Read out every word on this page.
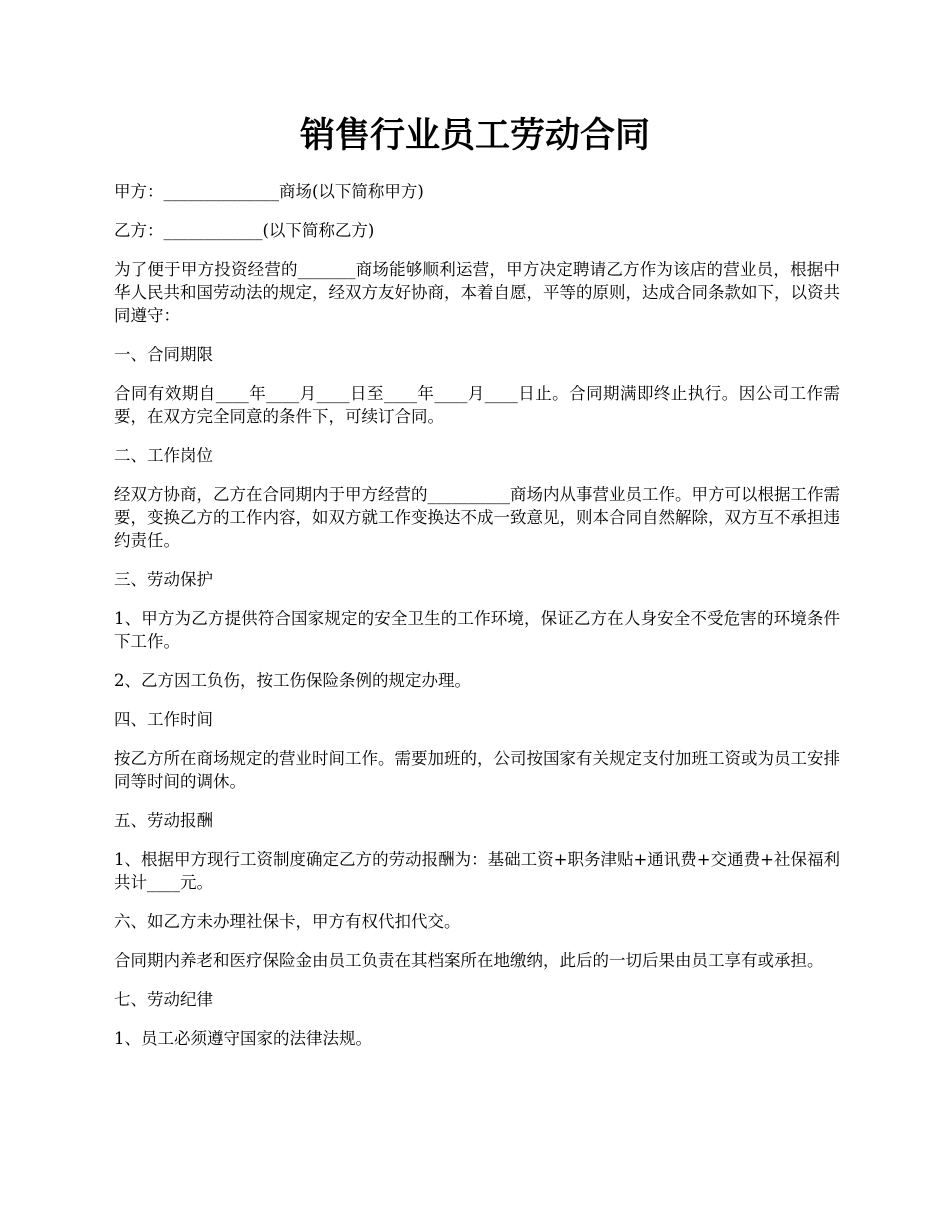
销售行业员工劳动合同

甲方：______________商场(以下简称甲方)

乙方：____________(以下简称乙方)

为了便于甲方投资经营的_______商场能够顺利运营，甲方决定聘请乙方作为该店的营业员，根据中华人民共和国劳动法的规定，经双方友好协商，本着自愿，平等的原则，达成合同条款如下，以资共同遵守：

一、合同期限

合同有效期自____年____月____日至____年____月____日止。合同期满即终止执行。因公司工作需要，在双方完全同意的条件下，可续订合同。

二、工作岗位

经双方协商，乙方在合同期内于甲方经营的__________商场内从事营业员工作。甲方可以根据工作需要，变换乙方的工作内容，如双方就工作变换达不成一致意见，则本合同自然解除，双方互不承担违约责任。

三、劳动保护

1、甲方为乙方提供符合国家规定的安全卫生的工作环境，保证乙方在人身安全不受危害的环境条件下工作。

2、乙方因工负伤，按工伤保险条例的规定办理。

四、工作时间

按乙方所在商场规定的营业时间工作。需要加班的，公司按国家有关规定支付加班工资或为员工安排同等时间的调休。

五、劳动报酬

1、根据甲方现行工资制度确定乙方的劳动报酬为：基础工资+职务津贴+通讯费+交通费+社保福利共计____元。

六、如乙方未办理社保卡，甲方有权代扣代交。

合同期内养老和医疗保险金由员工负责在其档案所在地缴纳，此后的一切后果由员工享有或承担。

七、劳动纪律

1、员工必须遵守国家的法律法规。
